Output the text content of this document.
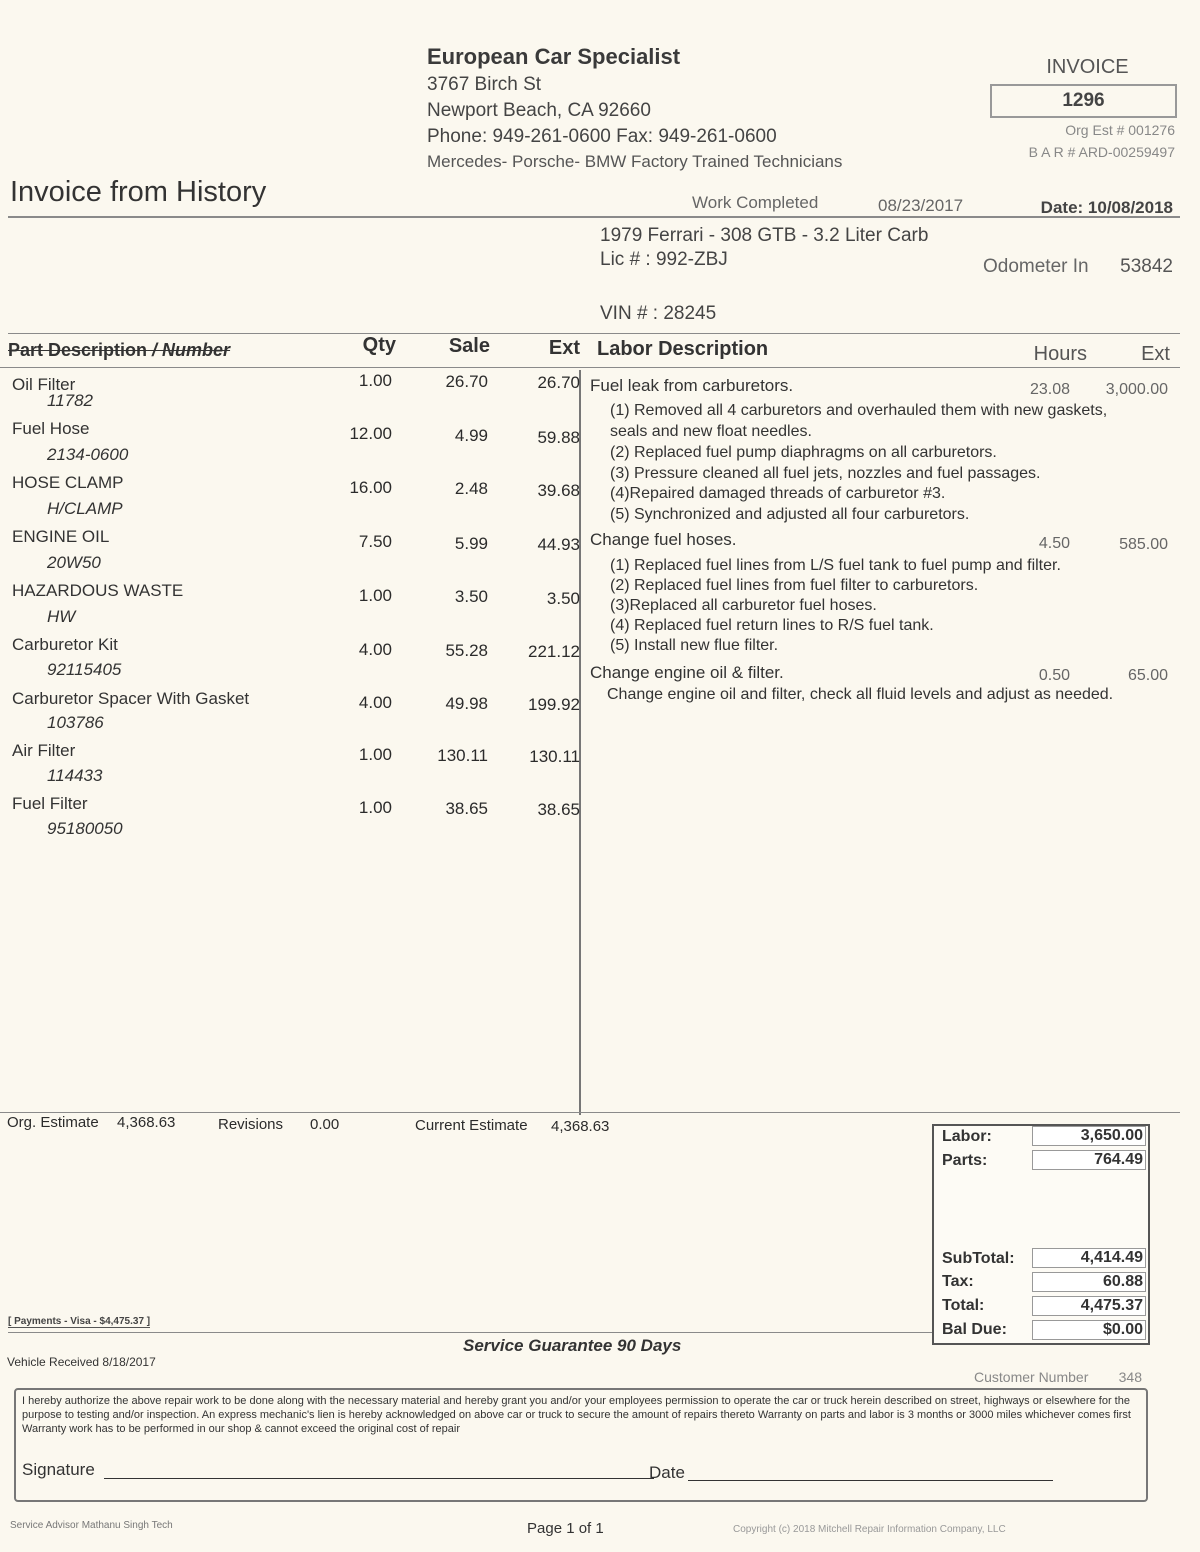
European Car Specialist
3767 Birch St
Newport Beach, CA 92660
Phone: 949-261-0600 Fax: 949-261-0600
Mercedes- Porsche- BMW Factory Trained Technicians
INVOICE
1296
Org Est # 001276
B A R # ARD-00259497
Invoice from History	Work Completed	08/23/2017	Date: 10/08/2018
1979 Ferrari - 308 GTB - 3.2 Liter Carb
Lic # : 992-ZBJ	Odometer In	53842
VIN # : 28245
Part Description / Number	Qty	Sale	Ext Labor Description	Hours	Ext
Oil Filter
11782
1.00	26.70	26.70
Fuel Hose
2134-0600
12.00	4.99	59.88
HOSE CLAMP
H/CLAMP
16.00	2.48	39.68
ENGINE OIL
20W50
7.50	5.99	44.93
HAZARDOUS WASTE
HW
1.00	3.50	3.50
Carburetor Kit
92115405
4.00	55.28	221.12
Carburetor Spacer With Gasket
103786
4.00	49.98	199.92
Air Filter
114433
1.00	130.11	130.11
Fuel Filter
95180050
1.00	38.65	38.65
Fuel leak from carburetors.	23.08	3,000.00
(1) Removed all 4 carburetors and overhauled them with new gaskets, seals and new float needles.
(2) Replaced fuel pump diaphragms on all carburetors.
(3) Pressure cleaned all fuel jets, nozzles and fuel passages.
(4)Repaired damaged threads of carburetor #3.
(5) Synchronized and adjusted all four carburetors.
Change fuel hoses.	4.50	585.00
(1) Replaced fuel lines from L/S fuel tank to fuel pump and filter.
(2) Replaced fuel lines from fuel filter to carburetors.
(3)Replaced all carburetor fuel hoses.
(4) Replaced fuel return lines to R/S fuel tank.
(5) Install new flue filter.
Change engine oil & filter.	0.50	65.00
Change engine oil and filter, check all fluid levels and adjust as needed.
Org. Estimate 4,368.63	Revisions 0.00	Current Estimate 4,368.63
Labor:	3,650.00
Parts:	764.49
SubTotal:	4,414.49
Tax:	60.88
Total:	4,475.37
Bal Due:	$0.00
[ Payments - Visa - $4,475.37 ]
Service Guarantee 90 Days
Vehicle Received 8/18/2017
Customer Number	348
I hereby authorize the above repair work to be done along with the necessary material and hereby grant you and/or your employees permission to operate the car or truck herein described on street, highways or elsewhere for the purpose to testing and/or inspection. An express mechanic's lien is hereby acknowledged on above car or truck to secure the amount of repairs thereto Warranty on parts and labor is 3 months or 3000 miles whichever comes first Warranty work has to be performed in our shop & cannot exceed the original cost of repair
Signature	Date
Service Advisor Mathanu Singh Tech	Page 1 of 1	Copyright (c) 2018 Mitchell Repair Information Company, LLC
